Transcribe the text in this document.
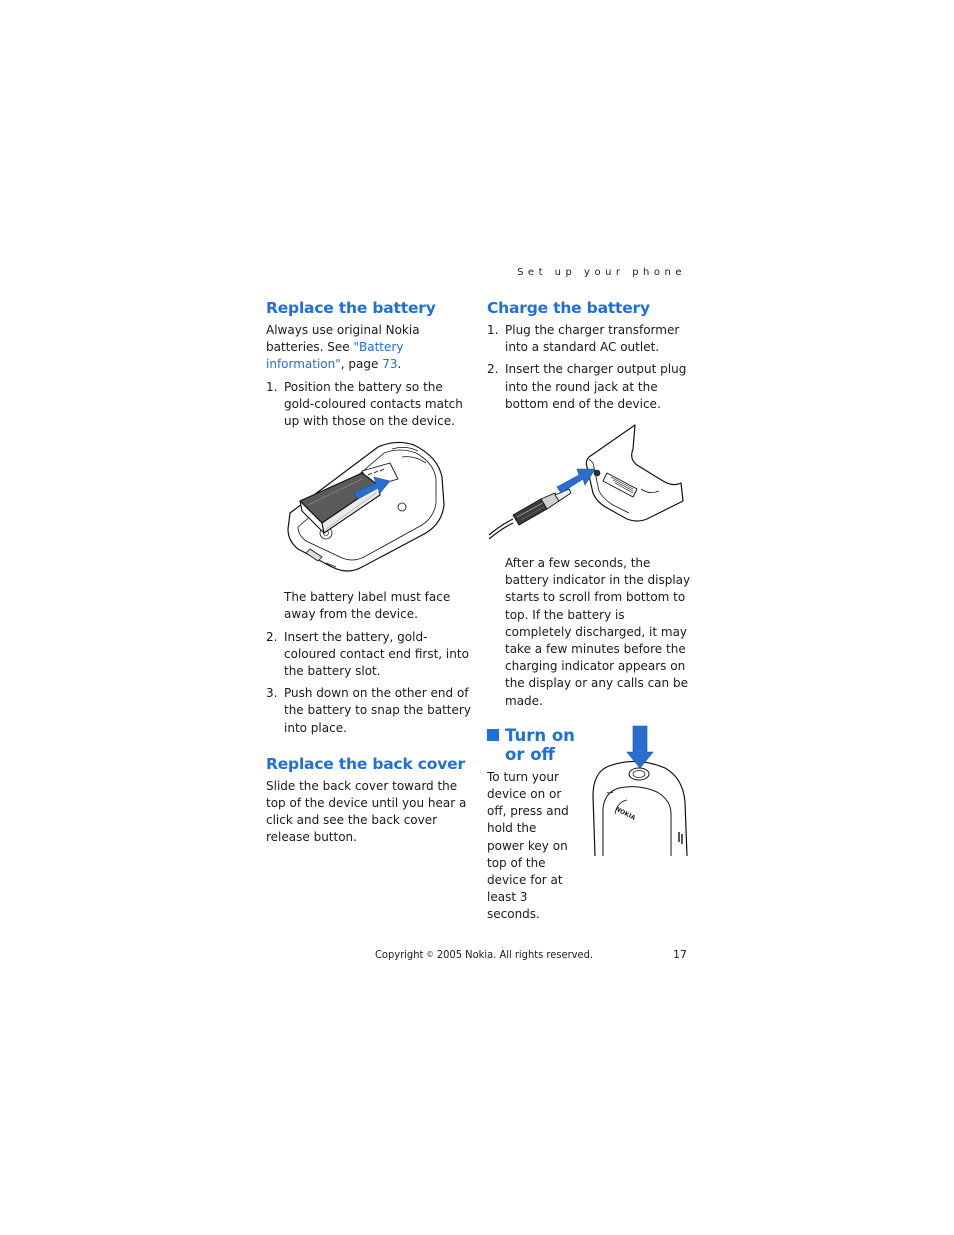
Set up your phone
Replace the battery

Always use original Nokia batteries. See "Battery information", page 73.

1. Position the battery so the gold-coloured contacts match up with those on the device.

The battery label must face away from the device.

2. Insert the battery, gold-coloured contact end first, into the battery slot.
3. Push down on the other end of the battery to snap the battery into place.
Replace the back cover

Slide the back cover toward the top of the device until you hear a click and see the back cover release button.

Charge the battery
1. Plug the charger transformer into a standard AC outlet.
2. Insert the charger output plug into the round jack at the bottom end of the device.

After a few seconds, the battery indicator in the display starts to scroll from bottom to top. If the battery is completely discharged, it may take a few minutes before the charging indicator appears on the display or any calls can be made.

Turn on
or off

To turn your device on or off, press and hold the power key on top of the device for at least 3 seconds.

NOKIA
Copyright © 2005 Nokia. All rights reserved.	17
